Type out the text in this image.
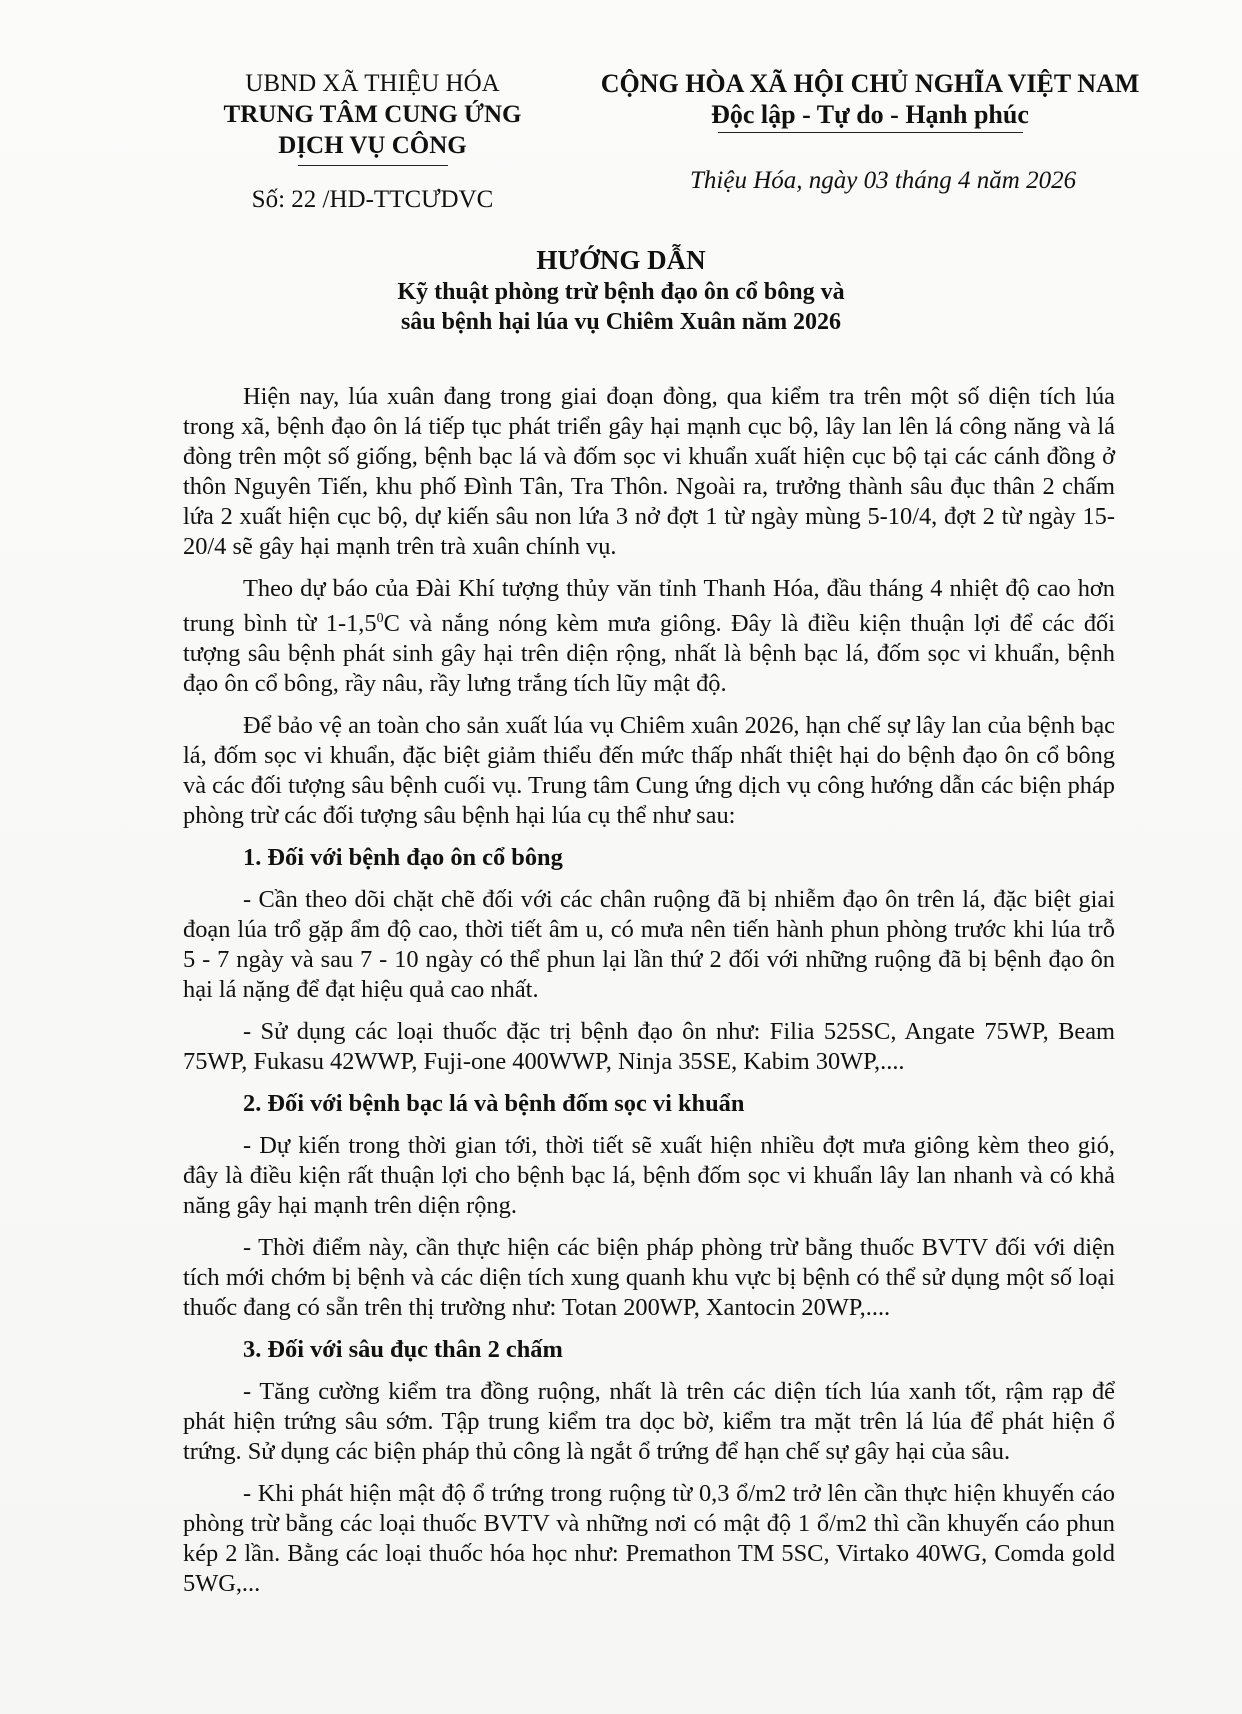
UBND XÃ THIỆU HÓA
TRUNG TÂM CUNG ỨNG
DỊCH VỤ CÔNG
Số: 22 /HD-TTCƯDVC
CỘNG HÒA XÃ HỘI CHỦ NGHĨA VIỆT NAM
Độc lập - Tự do - Hạnh phúc
Thiệu Hóa, ngày 03 tháng 4 năm 2026
HƯỚNG DẪN
Kỹ thuật phòng trừ bệnh đạo ôn cổ bông và
sâu bệnh hại lúa vụ Chiêm Xuân năm 2026

Hiện nay, lúa xuân đang trong giai đoạn đòng, qua kiểm tra trên một số diện tích lúa trong xã, bệnh đạo ôn lá tiếp tục phát triển gây hại mạnh cục bộ, lây lan lên lá công năng và lá đòng trên một số giống, bệnh bạc lá và đốm sọc vi khuẩn xuất hiện cục bộ tại các cánh đồng ở thôn Nguyên Tiến, khu phố Đình Tân, Tra Thôn. Ngoài ra, trưởng thành sâu đục thân 2 chấm lứa 2 xuất hiện cục bộ, dự kiến sâu non lứa 3 nở đợt 1 từ ngày mùng 5-10/4, đợt 2 từ ngày 15- 20/4 sẽ gây hại mạnh trên trà xuân chính vụ.

Theo dự báo của Đài Khí tượng thủy văn tỉnh Thanh Hóa, đầu tháng 4 nhiệt độ cao hơn trung bình từ $1-1,5^0C$ và nắng nóng kèm mưa giông. Đây là điều kiện thuận lợi để các đối tượng sâu bệnh phát sinh gây hại trên diện rộng, nhất là bệnh bạc lá, đốm sọc vi khuẩn, bệnh đạo ôn cổ bông, rầy nâu, rầy lưng trắng tích lũy mật độ.

Để bảo vệ an toàn cho sản xuất lúa vụ Chiêm xuân 2026, hạn chế sự lây lan của bệnh bạc lá, đốm sọc vi khuẩn, đặc biệt giảm thiểu đến mức thấp nhất thiệt hại do bệnh đạo ôn cổ bông và các đối tượng sâu bệnh cuối vụ. Trung tâm Cung ứng dịch vụ công hướng dẫn các biện pháp phòng trừ các đối tượng sâu bệnh hại lúa cụ thể như sau:

1. Đối với bệnh đạo ôn cổ bông

- Cần theo dõi chặt chẽ đối với các chân ruộng đã bị nhiễm đạo ôn trên lá, đặc biệt giai đoạn lúa trổ gặp ẩm độ cao, thời tiết âm u, có mưa nên tiến hành phun phòng trước khi lúa trỗ 5 - 7 ngày và sau 7 - 10 ngày có thể phun lại lần thứ 2 đối với những ruộng đã bị bệnh đạo ôn hại lá nặng để đạt hiệu quả cao nhất.

- Sử dụng các loại thuốc đặc trị bệnh đạo ôn như: Filia 525SC, Angate 75WP, Beam 75WP, Fukasu 42WWP, Fuji-one 400WWP, Ninja 35SE, Kabim 30WP,....

2. Đối với bệnh bạc lá và bệnh đốm sọc vi khuẩn

- Dự kiến trong thời gian tới, thời tiết sẽ xuất hiện nhiều đợt mưa giông kèm theo gió, đây là điều kiện rất thuận lợi cho bệnh bạc lá, bệnh đốm sọc vi khuẩn lây lan nhanh và có khả năng gây hại mạnh trên diện rộng.

- Thời điểm này, cần thực hiện các biện pháp phòng trừ bằng thuốc BVTV đối với diện tích mới chớm bị bệnh và các diện tích xung quanh khu vực bị bệnh có thể sử dụng một số loại thuốc đang có sẵn trên thị trường như: Totan 200WP, Xantocin 20WP,....

3. Đối với sâu đục thân 2 chấm

- Tăng cường kiểm tra đồng ruộng, nhất là trên các diện tích lúa xanh tốt, rậm rạp để phát hiện trứng sâu sớm. Tập trung kiểm tra dọc bờ, kiểm tra mặt trên lá lúa để phát hiện ổ trứng. Sử dụng các biện pháp thủ công là ngắt ổ trứng để hạn chế sự gây hại của sâu.

- Khi phát hiện mật độ ổ trứng trong ruộng từ 0,3 ổ/m2 trở lên cần thực hiện khuyến cáo phòng trừ bằng các loại thuốc BVTV và những nơi có mật độ 1 ổ/m2 thì cần khuyến cáo phun kép 2 lần. Bằng các loại thuốc hóa học như: Premathon TM 5SC, Virtako 40WG, Comda gold 5WG,...
